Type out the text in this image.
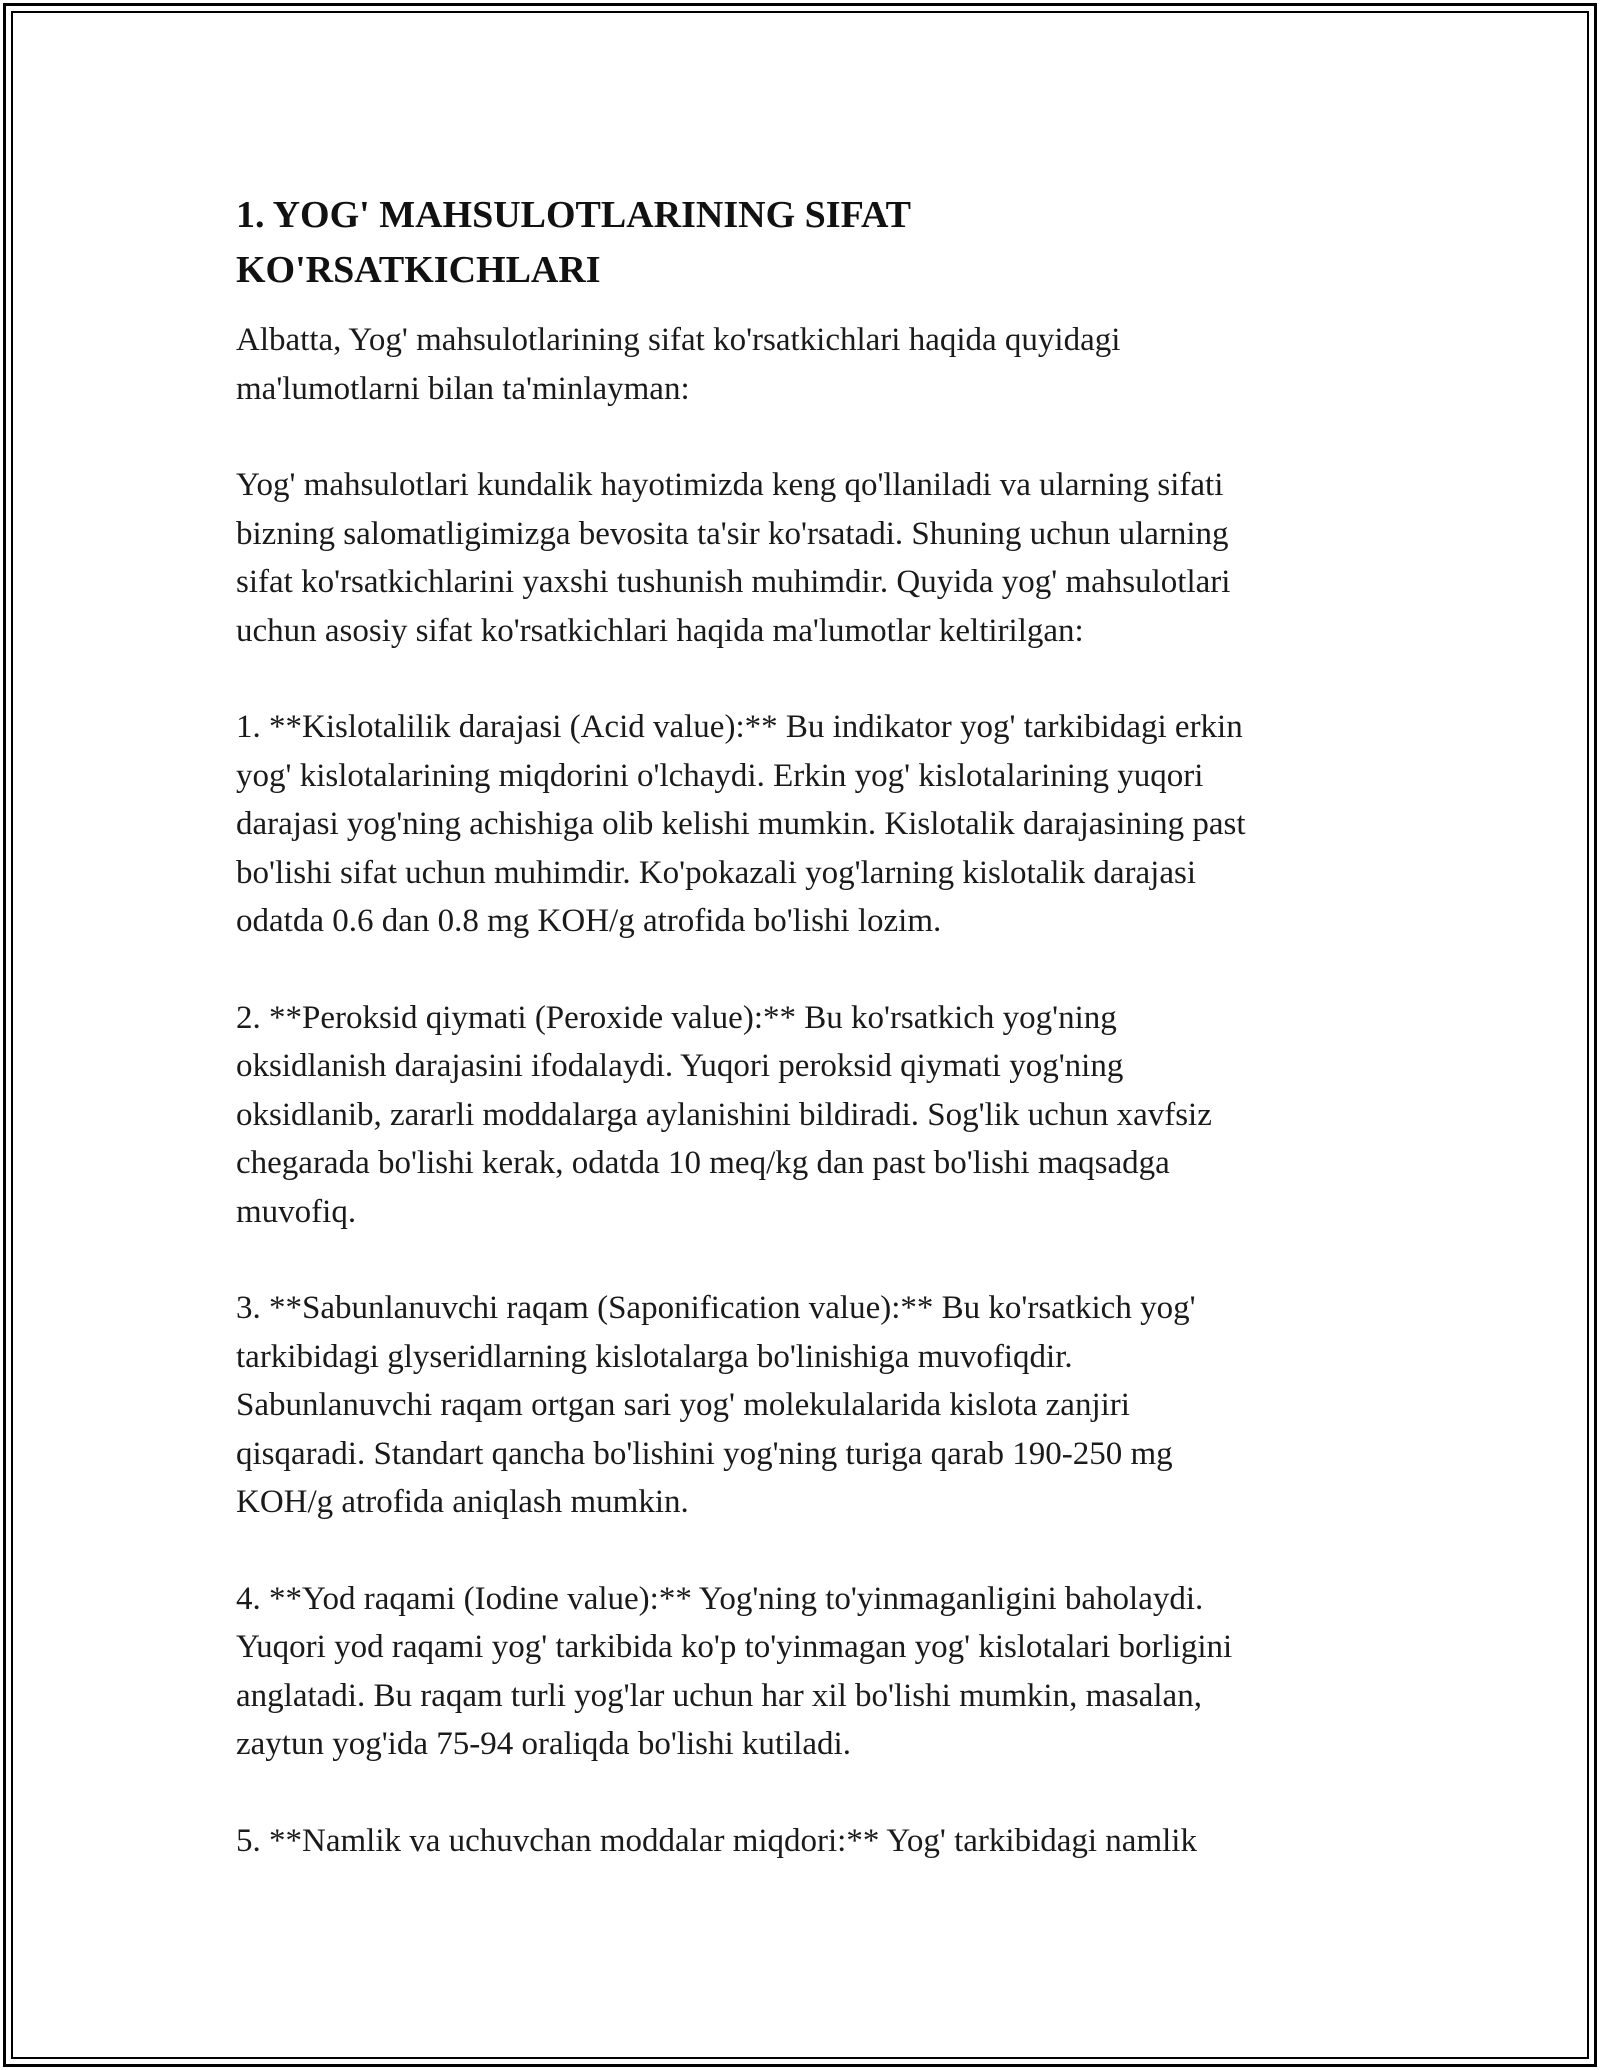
1. YOG' MAHSULOTLARINING SIFAT
KO'RSATKICHLARI

Albatta, Yog' mahsulotlarining sifat ko'rsatkichlari haqida quyidagi
ma'lumotlarni bilan ta'minlayman:

Yog' mahsulotlari kundalik hayotimizda keng qo'llaniladi va ularning sifati
bizning salomatligimizga bevosita ta'sir ko'rsatadi. Shuning uchun ularning
sifat ko'rsatkichlarini yaxshi tushunish muhimdir. Quyida yog' mahsulotlari
uchun asosiy sifat ko'rsatkichlari haqida ma'lumotlar keltirilgan:

1. **Kislotalilik darajasi (Acid value):** Bu indikator yog' tarkibidagi erkin
yog' kislotalarining miqdorini o'lchaydi. Erkin yog' kislotalarining yuqori
darajasi yog'ning achishiga olib kelishi mumkin. Kislotalik darajasining past
bo'lishi sifat uchun muhimdir. Ko'pokazali yog'larning kislotalik darajasi
odatda 0.6 dan 0.8 mg KOH/g atrofida bo'lishi lozim.

2. **Peroksid qiymati (Peroxide value):** Bu ko'rsatkich yog'ning
oksidlanish darajasini ifodalaydi. Yuqori peroksid qiymati yog'ning
oksidlanib, zararli moddalarga aylanishini bildiradi. Sog'lik uchun xavfsiz
chegarada bo'lishi kerak, odatda 10 meq/kg dan past bo'lishi maqsadga
muvofiq.

3. **Sabunlanuvchi raqam (Saponification value):** Bu ko'rsatkich yog'
tarkibidagi glyseridlarning kislotalarga bo'linishiga muvofiqdir.
Sabunlanuvchi raqam ortgan sari yog' molekulalarida kislota zanjiri
qisqaradi. Standart qancha bo'lishini yog'ning turiga qarab 190-250 mg
KOH/g atrofida aniqlash mumkin.

4. **Yod raqami (Iodine value):** Yog'ning to'yinmaganligini baholaydi.
Yuqori yod raqami yog' tarkibida ko'p to'yinmagan yog' kislotalari borligini
anglatadi. Bu raqam turli yog'lar uchun har xil bo'lishi mumkin, masalan,
zaytun yog'ida 75-94 oraliqda bo'lishi kutiladi.

5. **Namlik va uchuvchan moddalar miqdori:** Yog' tarkibidagi namlik
